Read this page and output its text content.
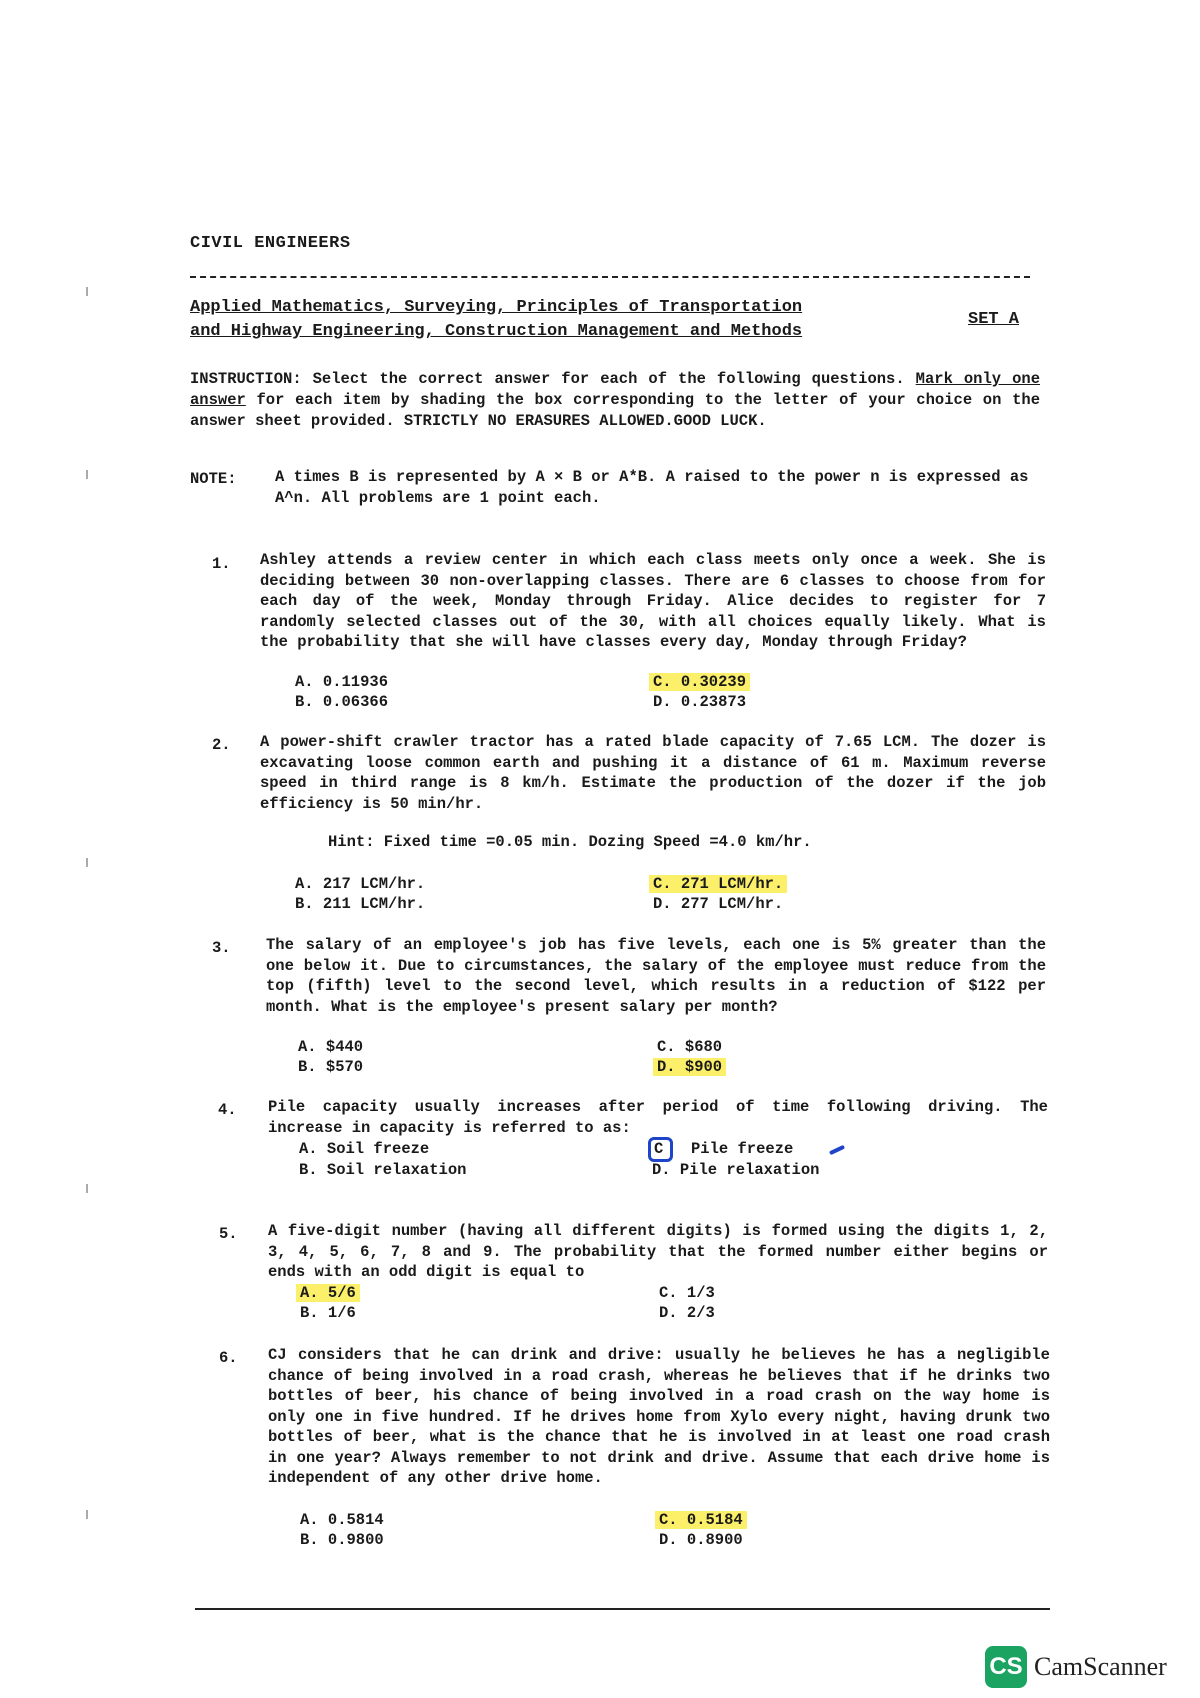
CIVIL ENGINEERS
Applied Mathematics, Surveying, Principles of Transportation
and Highway Engineering, Construction Management and Methods
SET A
INSTRUCTION: Select the correct answer for each of the following questions. Mark only one answer for each item by shading the box corresponding to the letter of your choice on the answer sheet provided. STRICTLY NO ERASURES ALLOWED.GOOD LUCK.
NOTE: A times B is represented by A × B or A*B. A raised to the power n is expressed as A^n. All problems are 1 point each.
1. Ashley attends a review center in which each class meets only once a week. She is deciding between 30 non-overlapping classes. There are 6 classes to choose from for each day of the week, Monday through Friday. Alice decides to register for 7 randomly selected classes out of the 30, with all choices equally likely. What is the probability that she will have classes every day, Monday through Friday?
A. 0.11936
B. 0.06366
C. 0.30239
D. 0.23873
2. A power-shift crawler tractor has a rated blade capacity of 7.65 LCM. The dozer is excavating loose common earth and pushing it a distance of 61 m. Maximum reverse speed in third range is 8 km/h. Estimate the production of the dozer if the job efficiency is 50 min/hr.
Hint: Fixed time =0.05 min. Dozing Speed =4.0 km/hr.
A. 217 LCM/hr.
B. 211 LCM/hr.
C. 271 LCM/hr.
D. 277 LCM/hr.
3. The salary of an employee's job has five levels, each one is 5% greater than the one below it. Due to circumstances, the salary of the employee must reduce from the top (fifth) level to the second level, which results in a reduction of $122 per month. What is the employee's present salary per month?
A. $440
B. $570
C. $680
D. $900
4. Pile capacity usually increases after period of time following driving. The increase in capacity is referred to as:
A. Soil freeze
B. Soil relaxation
C Pile freeze
D. Pile relaxation
5. A five-digit number (having all different digits) is formed using the digits 1, 2, 3, 4, 5, 6, 7, 8 and 9. The probability that the formed number either begins or ends with an odd digit is equal to
A. 5/6
B. 1/6
C. 1/3
D. 2/3
6. CJ considers that he can drink and drive: usually he believes he has a negligible chance of being involved in a road crash, whereas he believes that if he drinks two bottles of beer, his chance of being involved in a road crash on the way home is only one in five hundred. If he drives home from Xylo every night, having drunk two bottles of beer, what is the chance that he is involved in at least one road crash in one year? Always remember to not drink and drive. Assume that each drive home is independent of any other drive home.
A. 0.5814
B. 0.9800
C. 0.5184
D. 0.8900
CS CamScanner
